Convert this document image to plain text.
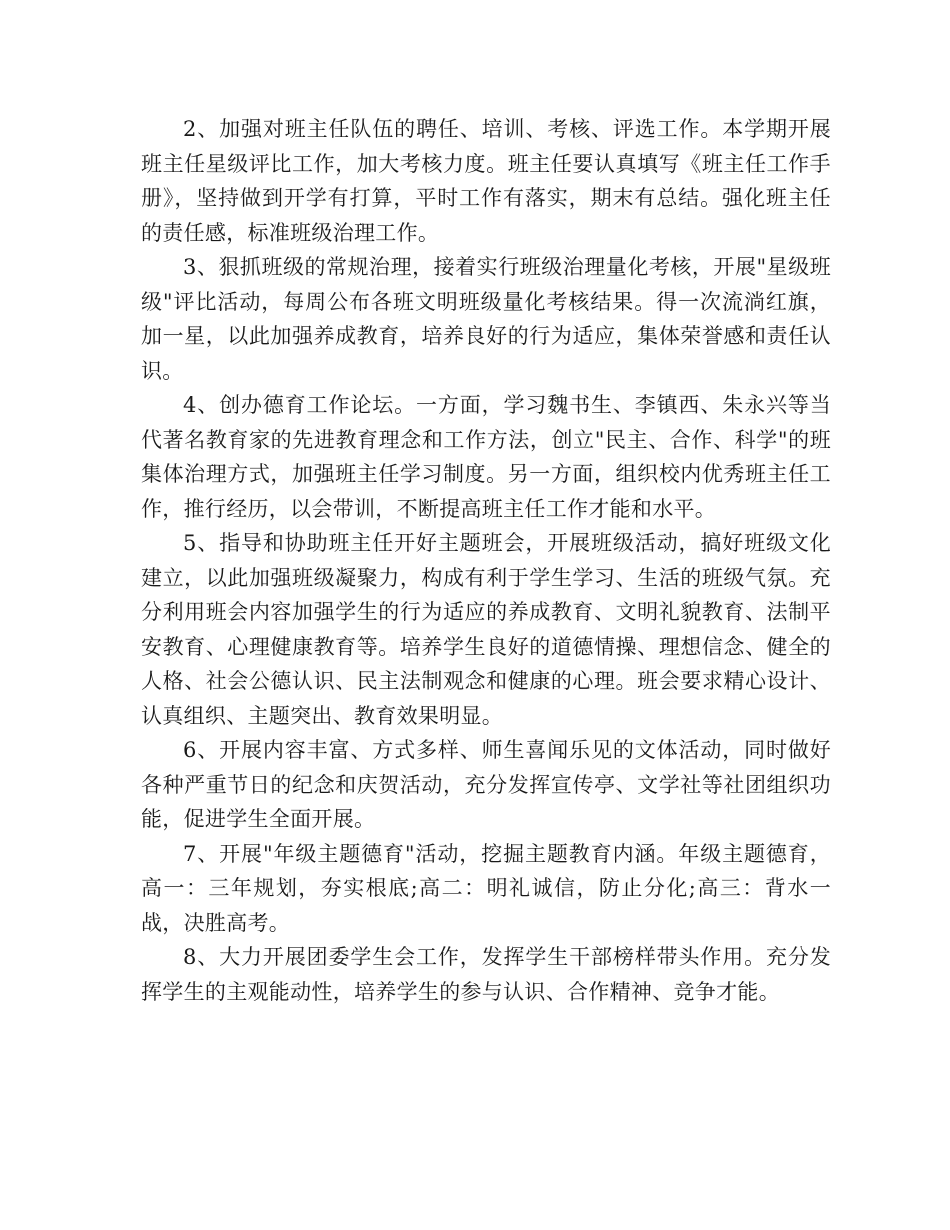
2、加强对班主任队伍的聘任、培训、考核、评选工作。本学期开展班主任星级评比工作，加大考核力度。班主任要认真填写《班主任工作手册》，坚持做到开学有打算，平时工作有落实，期末有总结。强化班主任的责任感，标准班级治理工作。

3、狠抓班级的常规治理，接着实行班级治理量化考核，开展"星级班级"评比活动，每周公布各班文明班级量化考核结果。得一次流淌红旗，加一星，以此加强养成教育，培养良好的行为适应，集体荣誉感和责任认识。

4、创办德育工作论坛。一方面，学习魏书生、李镇西、朱永兴等当代著名教育家的先进教育理念和工作方法，创立"民主、合作、科学"的班集体治理方式，加强班主任学习制度。另一方面，组织校内优秀班主任工作，推行经历，以会带训，不断提高班主任工作才能和水平。

5、指导和协助班主任开好主题班会，开展班级活动，搞好班级文化建立，以此加强班级凝聚力，构成有利于学生学习、生活的班级气氛。充分利用班会内容加强学生的行为适应的养成教育、文明礼貌教育、法制平安教育、心理健康教育等。培养学生良好的道德情操、理想信念、健全的人格、社会公德认识、民主法制观念和健康的心理。班会要求精心设计、认真组织、主题突出、教育效果明显。

6、开展内容丰富、方式多样、师生喜闻乐见的文体活动，同时做好各种严重节日的纪念和庆贺活动，充分发挥宣传亭、文学社等社团组织功能，促进学生全面开展。

7、开展"年级主题德育"活动，挖掘主题教育内涵。年级主题德育，高一：三年规划，夯实根底;高二：明礼诚信，防止分化;高三：背水一战，决胜高考。

8、大力开展团委学生会工作，发挥学生干部榜样带头作用。充分发挥学生的主观能动性，培养学生的参与认识、合作精神、竞争才能。
